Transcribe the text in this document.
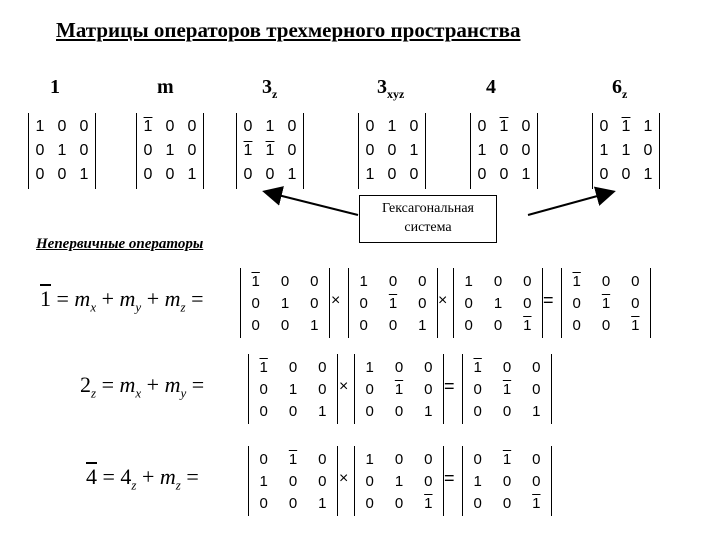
Матрицы операторов трехмерного пространства
1	m	$3_z$	$3_{xyz}$	4	$6_z$
1 0 0
0 1 0
0 0 1
1 0 0
0 1 0
0 0 1
0 1 0
1 1 0
0 0 1
0 1 0
0 0 1
1 0 0
0 1 0
1 0 0
0 0 1
0 1 1
1 1 0
0 0 1
Гексагональная
система
Непервичные операторы
$1 = m_x + m_y + m_z$ =
1	0	0
0	1	0
0	0	1
×
1	0	0
0	1	0
0	0	1
×
1	0	0
0	1	0
0	0	1
=
1	0	0
0	1	0
0	0	1
$2_z = m_x + m_y$ =
1	0	0
0	1	0
0	0	1
×
1	0	0
0	1	0
0	0	1
=
1	0	0
0	1	0
0	0	1
$4 = 4_z + m_z$ =
0	1	0
1	0	0
0	0	1
×
1	0	0
0	1	0
0	0	1
=
0	1	0
1	0	0
0	0	1
